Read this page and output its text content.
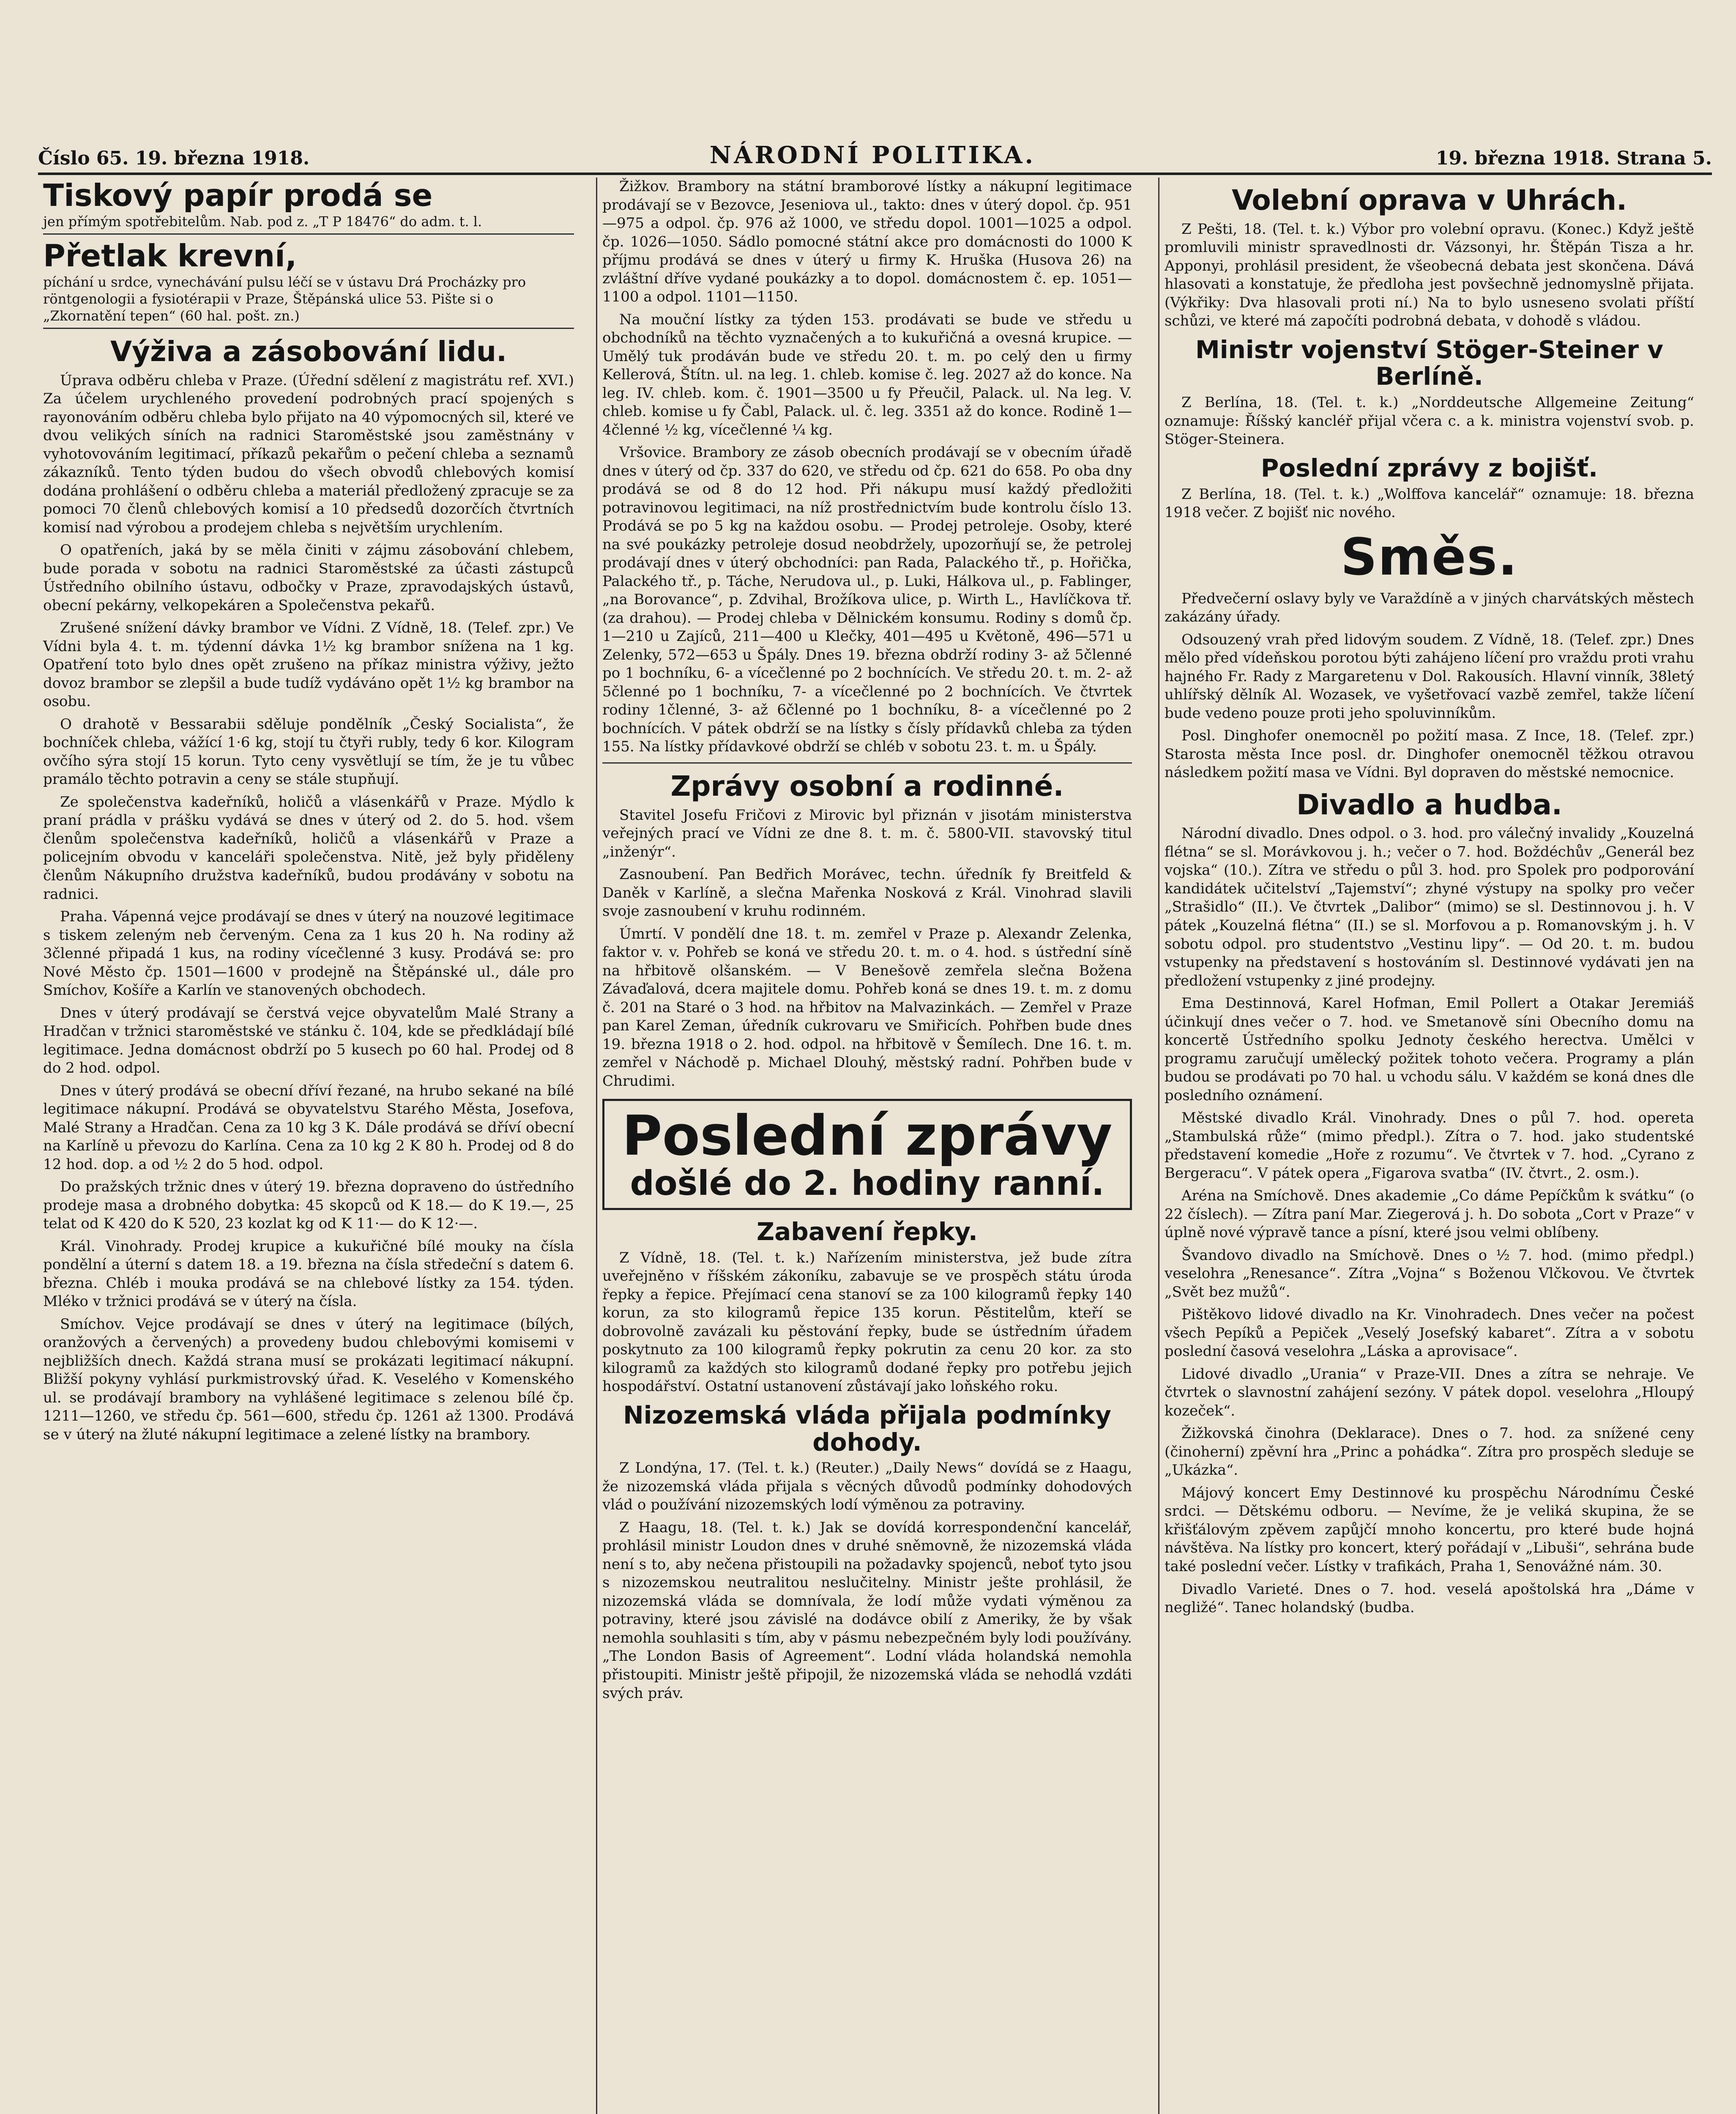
Číslo 65. 19. března 1918.	NÁRODNÍ POLITIKA.	19. března 1918. Strana 5.
Tiskový papír prodá se
jen přímým spotřebitelům. Nab. pod z. „T P 18476“ do adm. t. l.
Přetlak krevní,
píchání u srdce, vynechávání pulsu léčí se v ústavu Drá Procházky pro röntgenologii a fysiotérapii v Praze, Štěpánská ulice 53. Pište si o „Zkornatění tepen“ (60 hal. pošt. zn.)
Výživa a zásobování lidu.

Úprava odběru chleba v Praze. (Úřední sdělení z magistrátu ref. XVI.) Za účelem urychleného provedení podrobných prací spojených s rayonováním odběru chleba bylo přijato na 40 výpomocných sil, které ve dvou velikých síních na radnici Staroměstské jsou zaměstnány v vyhotovováním legitimací, příkazů pekařům o pečení chleba a seznamů zákazníků. Tento týden budou do všech obvodů chlebových komisí dodána prohlášení o odběru chleba a materiál předložený zpracuje se za pomoci 70 členů chlebových komisí a 10 předsedů dozorčích čtvrtních komisí nad výrobou a prodejem chleba s největším urychlením.

O opatřeních, jaká by se měla činiti v zájmu zásobování chlebem, bude porada v sobotu na radnici Staroměstské za účasti zástupců Ústředního obilního ústavu, odbočky v Praze, zpravodajských ústavů, obecní pekárny, velkopekáren a Společenstva pekařů.

Zrušené snížení dávky brambor ve Vídni. Z Vídně, 18. (Telef. zpr.) Ve Vídni byla 4. t. m. týdenní dávka 1½ kg brambor snížena na 1 kg. Opatření toto bylo dnes opět zrušeno na příkaz ministra výživy, ježto dovoz brambor se zlepšil a bude tudíž vydáváno opět 1½ kg brambor na osobu.

O drahotě v Bessarabii sděluje pondělník „Český Socialista“, že bochníček chleba, vážící 1·6 kg, stojí tu čtyři rubly, tedy 6 kor. Kilogram ovčího sýra stojí 15 korun. Tyto ceny vysvětlují se tím, že je tu vůbec pramálo těchto potravin a ceny se stále stupňují.

Ze společenstva kadeřníků, holičů a vlásenkářů v Praze. Mýdlo k praní prádla v prášku vydává se dnes v úterý od 2. do 5. hod. všem členům společenstva kadeřníků, holičů a vlásenkářů v Praze a policejním obvodu v kanceláři společenstva. Nitě, jež byly přiděleny členům Nákupního družstva kadeřníků, budou prodávány v sobotu na radnici.

Praha. Vápenná vejce prodávají se dnes v úterý na nouzové legitimace s tiskem zeleným neb červeným. Cena za 1 kus 20 h. Na rodiny až 3členné připadá 1 kus, na rodiny vícečlenné 3 kusy. Prodává se: pro Nové Město čp. 1501—1600 v prodejně na Štěpánské ul., dále pro Smíchov, Košíře a Karlín ve stanovených obchodech.

Dnes v úterý prodávají se čerstvá vejce obyvatelům Malé Strany a Hradčan v tržnici staroměstské ve stánku č. 104, kde se předkládají bílé legitimace. Jedna domácnost obdrží po 5 kusech po 60 hal. Prodej od 8 do 2 hod. odpol.

Dnes v úterý prodává se obecní dříví řezané, na hrubo sekané na bílé legitimace nákupní. Prodává se obyvatelstvu Starého Města, Josefova, Malé Strany a Hradčan. Cena za 10 kg 3 K. Dále prodává se dříví obecní na Karlíně u převozu do Karlína. Cena za 10 kg 2 K 80 h. Prodej od 8 do 12 hod. dop. a od ½ 2 do 5 hod. odpol.

Do pražských tržnic dnes v úterý 19. března dopraveno do ústředního prodeje masa a drobného dobytka: 45 skopců od K 18.— do K 19.—, 25 telat od K 420 do K 520, 23 kozlat kg od K 11·— do K 12·—.

Král. Vinohrady. Prodej krupice a kukuřičné bílé mouky na čísla pondělní a úterní s datem 18. a 19. března na čísla středeční s datem 6. března. Chléb i mouka prodává se na chlebové lístky za 154. týden. Mléko v tržnici prodává se v úterý na čísla.

Smíchov. Vejce prodávají se dnes v úterý na legitimace (bílých, oranžových a červených) a provedeny budou chlebovými komisemi v nejbližších dnech. Každá strana musí se prokázati legitimací nákupní. Bližší pokyny vyhlásí purkmistrovský úřad. K. Veselého v Komenského ul. se prodávají brambory na vyhlášené legitimace s zelenou bílé čp. 1211—1260, ve středu čp. 561—600, středu čp. 1261 až 1300. Prodává se v úterý na žluté nákupní legitimace a zelené lístky na brambory.

Žižkov. Brambory na státní bramborové lístky a nákupní legitimace prodávají se v Bezovce, Jeseniova ul., takto: dnes v úterý dopol. čp. 951—975 a odpol. čp. 976 až 1000, ve středu dopol. 1001—1025 a odpol. čp. 1026—1050. Sádlo pomocné státní akce pro domácnosti do 1000 K příjmu prodává se dnes v úterý u firmy K. Hruška (Husova 26) na zvláštní dříve vydané poukázky a to dopol. domácnostem č. ep. 1051—1100 a odpol. 1101—1150.

Na mouční lístky za týden 153. prodávati se bude ve středu u obchodníků na těchto vyznačených a to kukuřičná a ovesná krupice. — Umělý tuk prodáván bude ve středu 20. t. m. po celý den u firmy Kellerová, Štítn. ul. na leg. 1. chleb. komise č. leg. 2027 až do konce. Na leg. IV. chleb. kom. č. 1901—3500 u fy Přeučil, Palack. ul. Na leg. V. chleb. komise u fy Čabl, Palack. ul. č. leg. 3351 až do konce. Rodině 1—4členné ½ kg, vícečlenné ¼ kg.

Vršovice. Brambory ze zásob obecních prodávají se v obecním úřadě dnes v úterý od čp. 337 do 620, ve středu od čp. 621 do 658. Po oba dny prodává se od 8 do 12 hod. Při nákupu musí každý předložiti potravinovou legitimaci, na níž prostřednictvím bude kontrolu číslo 13. Prodává se po 5 kg na každou osobu. — Prodej petroleje. Osoby, které na své poukázky petroleje dosud neobdržely, upozorňují se, že petrolej prodávají dnes v úterý obchodníci: pan Rada, Palackého tř., p. Hořička, Palackého tř., p. Táche, Nerudova ul., p. Luki, Hálkova ul., p. Fablinger, „na Borovance“, p. Zdvihal, Brožíkova ulice, p. Wirth L., Havlíčkova tř. (za drahou). — Prodej chleba v Dělnickém konsumu. Rodiny s domů čp. 1—210 u Zajíců, 211—400 u Klečky, 401—495 u Květoně, 496—571 u Zelenky, 572—653 u Špály. Dnes 19. března obdrží rodiny 3- až 5členné po 1 bochníku, 6- a vícečlenné po 2 bochnících. Ve středu 20. t. m. 2- až 5členné po 1 bochníku, 7- a vícečlenné po 2 bochnících. Ve čtvrtek rodiny 1členné, 3- až 6členné po 1 bochníku, 8- a vícečlenné po 2 bochnících. V pátek obdrží se na lístky s čísly přídavků chleba za týden 155. Na lístky přídavkové obdrží se chléb v sobotu 23. t. m. u Špály.

Zprávy osobní a rodinné.

Stavitel Josefu Fričovi z Mirovic byl přiznán v jisotám ministerstva veřejných prací ve Vídni ze dne 8. t. m. č. 5800-VII. stavovský titul „inženýr“.

Zasnoubení. Pan Bedřich Morávec, techn. úředník fy Breitfeld & Daněk v Karlíně, a slečna Mařenka Nosková z Král. Vinohrad slavili svoje zasnoubení v kruhu rodinném.

Úmrtí. V pondělí dne 18. t. m. zemřel v Praze p. Alexandr Zelenka, faktor v. v. Pohřeb se koná ve středu 20. t. m. o 4. hod. s ústřední síně na hřbitově olšanském. — V Benešově zemřela slečna Božena Závaďalová, dcera majitele domu. Pohřeb koná se dnes 19. t. m. z domu č. 201 na Staré o 3 hod. na hřbitov na Malvazinkách. — Zemřel v Praze pan Karel Zeman, úředník cukrovaru ve Smiřicích. Pohřben bude dnes 19. března 1918 o 2. hod. odpol. na hřbitově v Šemílech. Dne 16. t. m. zemřel v Náchodě p. Michael Dlouhý, městský radní. Pohřben bude v Chrudimi.

Poslední zprávy
došlé do 2. hodiny ranní.
Zabavení řepky.

Z Vídně, 18. (Tel. t. k.) Nařízením ministerstva, jež bude zítra uveřejněno v říšském zákoníku, zabavuje se ve prospěch státu úroda řepky a řepice. Přejímací cena stanoví se za 100 kilogramů řepky 140 korun, za sto kilogramů řepice 135 korun. Pěstitelům, kteří se dobrovolně zavázali ku pěstování řepky, bude se ústředním úřadem poskytnuto za 100 kilogramů řepky pokrutin za cenu 20 kor. za sto kilogramů za každých sto kilogramů dodané řepky pro potřebu jejich hospodářství. Ostatní ustanovení zůstávají jako loňského roku.

Nizozemská vláda přijala podmínky dohody.

Z Londýna, 17. (Tel. t. k.) (Reuter.) „Daily News“ dovídá se z Haagu, že nizozemská vláda přijala s věcných důvodů podmínky dohodových vlád o používání nizozemských lodí výměnou za potraviny.

Z Haagu, 18. (Tel. t. k.) Jak se dovídá korrespondenční kancelář, prohlásil ministr Loudon dnes v druhé sněmovně, že nizozemská vláda není s to, aby nečena přistoupili na požadavky spojenců, neboť tyto jsou s nizozemskou neutralitou neslučitelny. Ministr ješte prohlásil, že nizozemská vláda se domnívala, že lodí může vydati výměnou za potraviny, které jsou závislé na dodávce obilí z Ameriky, že by však nemohla souhlasiti s tím, aby v pásmu nebezpečném byly lodi používány. „The London Basis of Agreement“. Lodní vláda holandská nemohla přistoupiti. Ministr ještě připojil, že nizozemská vláda se nehodlá vzdáti svých práv.

Volební oprava v Uhrách.

Z Pešti, 18. (Tel. t. k.) Výbor pro volební opravu. (Konec.) Když ještě promluvili ministr spravedlnosti dr. Vázsonyi, hr. Štěpán Tisza a hr. Apponyi, prohlásil president, že všeobecná debata jest skončena. Dává hlasovati a konstatuje, že předloha jest povšechně jednomyslně přijata. (Výkřiky: Dva hlasovali proti ní.) Na to bylo usneseno svolati příští schůzi, ve které má započíti podrobná debata, v dohodě s vládou.

Ministr vojenství Stöger-Steiner v Berlíně.

Z Berlína, 18. (Tel. t. k.) „Norddeutsche Allgemeine Zeitung“ oznamuje: Říšský kancléř přijal včera c. a k. ministra vojenství svob. p. Stöger-Steinera.

Poslední zprávy z bojišť.

Z Berlína, 18. (Tel. t. k.) „Wolffova kancelář“ oznamuje: 18. března 1918 večer. Z bojišť nic nového.

Směs.

Předvečerní oslavy byly ve Varaždíně a v jiných charvátských městech zakázány úřady.

Odsouzený vrah před lidovým soudem. Z Vídně, 18. (Telef. zpr.) Dnes mělo před vídeňskou porotou býti zahájeno líčení pro vraždu proti vrahu hajného Fr. Rady z Margaretenu v Dol. Rakousích. Hlavní vinník, 38letý uhlířský dělník Al. Wozasek, ve vyšetřovací vazbě zemřel, takže líčení bude vedeno pouze proti jeho spoluvinníkům.

Posl. Dinghofer onemocněl po požití masa. Z Ince, 18. (Telef. zpr.) Starosta města Ince posl. dr. Dinghofer onemocněl těžkou otravou následkem požití masa ve Vídni. Byl dopraven do městské nemocnice.

Divadlo a hudba.

Národní divadlo. Dnes odpol. o 3. hod. pro válečný invalidy „Kouzelná flétna“ se sl. Morávkovou j. h.; večer o 7. hod. Boždéchův „Generál bez vojska“ (10.). Zítra ve středu o půl 3. hod. pro Spolek pro podporování kandidátek učitelství „Tajemství“; zhyné výstupy na spolky pro večer „Strašidlo“ (II.). Ve čtvrtek „Dalibor“ (mimo) se sl. Destinnovou j. h. V pátek „Kouzelná flétna“ (II.) se sl. Morfovou a p. Romanovským j. h. V sobotu odpol. pro studentstvo „Vestinu lipy“. — Od 20. t. m. budou vstupenky na představení s hostováním sl. Destinnové vydávati jen na předložení vstupenky z jiné prodejny.

Ema Destinnová, Karel Hofman, Emil Pollert a Otakar Jeremiáš účinkují dnes večer o 7. hod. ve Smetanově síni Obecního domu na koncertě Ústředního spolku Jednoty českého herectva. Umělci v programu zaručují umělecký požitek tohoto večera. Programy a plán budou se prodávati po 70 hal. u vchodu sálu. V každém se koná dnes dle posledního oznámení.

Městské divadlo Král. Vinohrady. Dnes o půl 7. hod. opereta „Stambulská růže“ (mimo předpl.). Zítra o 7. hod. jako studentské představení komedie „Hoře z rozumu“. Ve čtvrtek v 7. hod. „Cyrano z Bergeracu“. V pátek opera „Figarova svatba“ (IV. čtvrt., 2. osm.).

Aréna na Smíchově. Dnes akademie „Co dáme Pepíčkům k svátku“ (o 22 číslech). — Zítra paní Mar. Ziegerová j. h. Do sobota „Cort v Praze“ v úplně nové výpravě tance a písní, které jsou velmi oblíbeny.

Švandovo divadlo na Smíchově. Dnes o ½ 7. hod. (mimo předpl.) veselohra „Renesance“. Zítra „Vojna“ s Boženou Vlčkovou. Ve čtvrtek „Svět bez mužů“.

Pištěkovo lidové divadlo na Kr. Vinohradech. Dnes večer na počest všech Pepíků a Pepiček „Veselý Josefský kabaret“. Zítra a v sobotu poslední časová veselohra „Láska a aprovisace“.

Lidové divadlo „Urania“ v Praze-VII. Dnes a zítra se nehraje. Ve čtvrtek o slavnostní zahájení sezóny. V pátek dopol. veselohra „Hloupý kozeček“.

Žižkovská činohra (Deklarace). Dnes o 7. hod. za snížené ceny (činoherní) zpěvní hra „Princ a pohádka“. Zítra pro prospěch sleduje se „Ukázka“.

Májový koncert Emy Destinnové ku prospěchu Národnímu České srdci. — Dětskému odboru. — Nevíme, že je veliká skupina, že se křišťálovým zpěvem zapůjčí mnoho koncertu, pro které bude hojná návštěva. Na lístky pro koncert, který pořádají v „Libuši“, sehrána bude také poslední večer. Lístky v trafikách, Praha 1, Senovážné nám. 30.

Divadlo Varieté. Dnes o 7. hod. veselá apoštolská hra „Dáme v negližé“. Tanec holandský (budba.
